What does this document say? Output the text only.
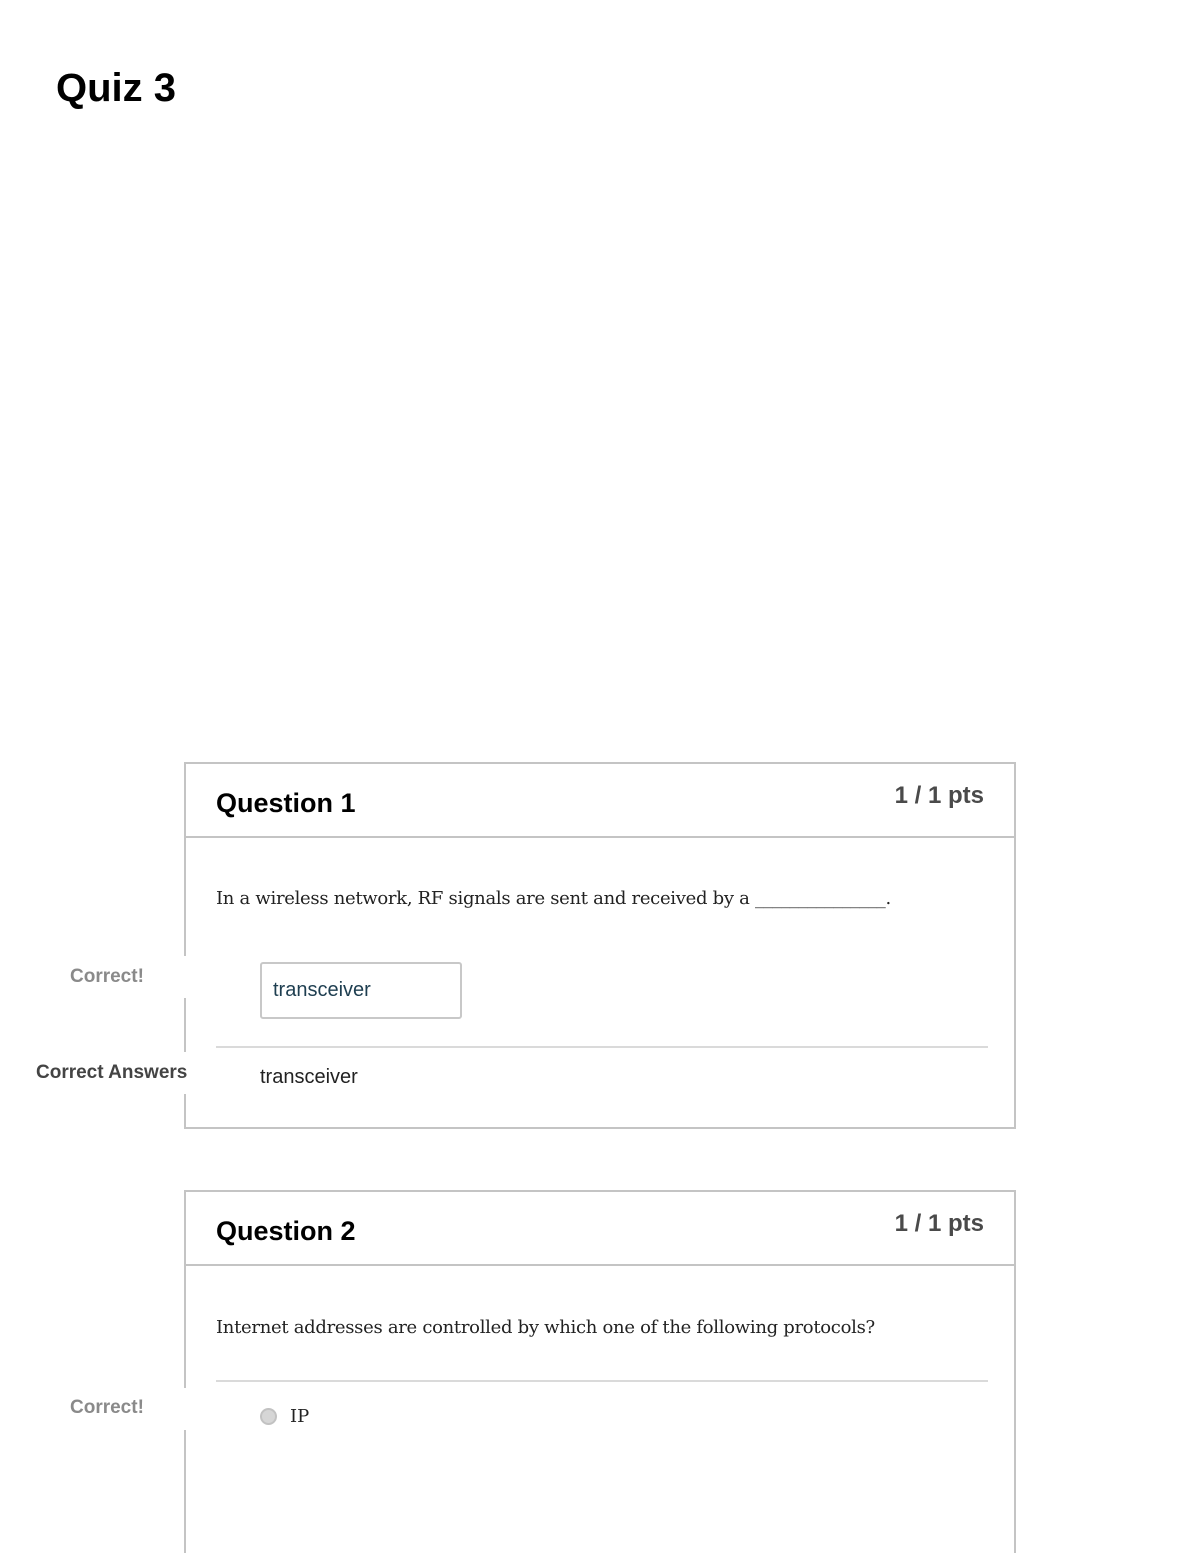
Quiz 3
Question 1	1 / 1 pts
In a wireless network, RF signals are sent and received by a _______________.
transceiver
transceiver
Question 2	1 / 1 pts
Internet addresses are controlled by which one of the following protocols?
IP
Correct!
Correct Answers
Correct!
